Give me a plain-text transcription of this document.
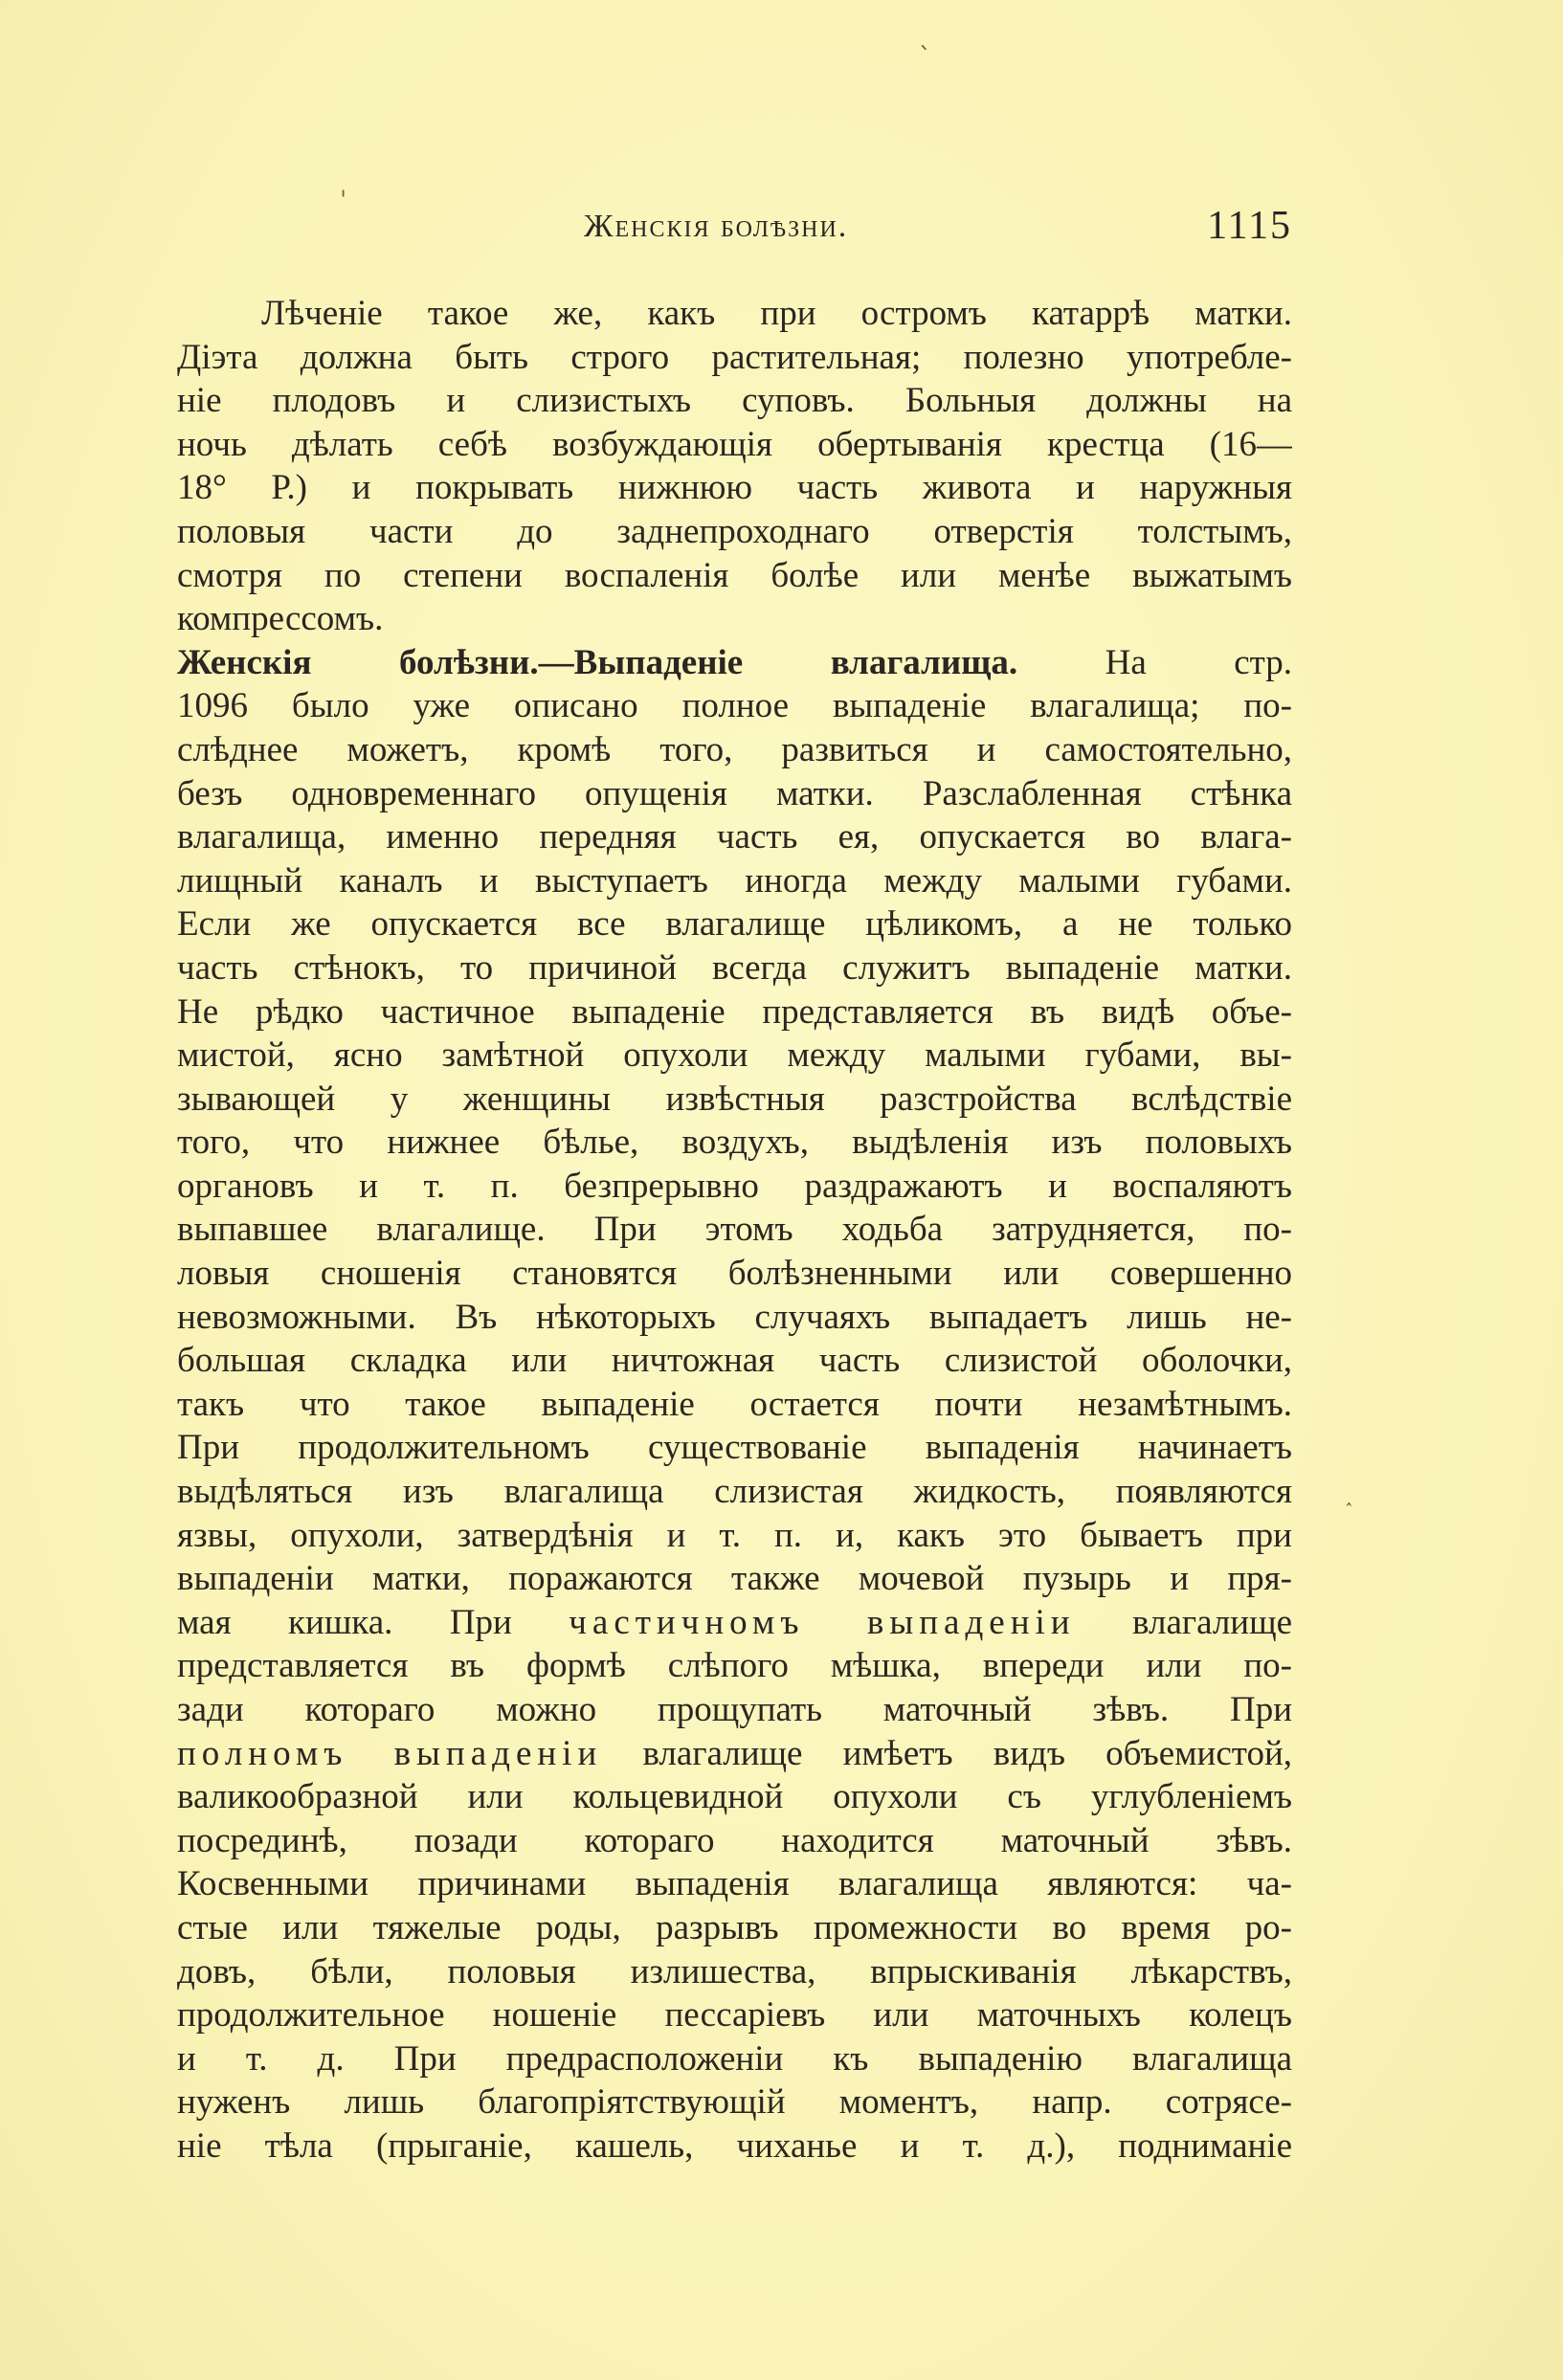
Женскія болѣзни.	1115
Лѣченіе такое же, какъ при остромъ катаррѣ матки.
Діэта должна быть строго растительная; полезно употребле-
ніе плодовъ и слизистыхъ суповъ. Больныя должны на
ночь дѣлать себѣ возбуждающія обертыванія крестца (16—
18° Р.) и покрывать нижнюю часть живота и наружныя
половыя части до заднепроходнаго отверстія толстымъ,
смотря по степени воспаленія болѣе или менѣе выжатымъ
компрессомъ.
Женскія болѣзни.—Выпаденіе влагалища. На стр.
1096 было уже описано полное выпаденіе влагалища; по-
слѣднее можетъ, кромѣ того, развиться и самостоятельно,
безъ одновременнаго опущенія матки. Разслабленная стѣнка
влагалища, именно передняя часть ея, опускается во влага-
лищный каналъ и выступаетъ иногда между малыми губами.
Если же опускается все влагалище цѣликомъ, а не только
часть стѣнокъ, то причиной всегда служитъ выпаденіе матки.
Не рѣдко частичное выпаденіе представляется въ видѣ объе-
мистой, ясно замѣтной опухоли между малыми губами, вы-
зывающей у женщины извѣстныя разстройства вслѣдствіе
того, что нижнее бѣлье, воздухъ, выдѣленія изъ половыхъ
органовъ и т. п. безпрерывно раздражаютъ и воспаляютъ
выпавшее влагалище. При этомъ ходьба затрудняется, по-
ловыя сношенія становятся болѣзненными или совершенно
невозможными. Въ нѣкоторыхъ случаяхъ выпадаетъ лишь не-
большая складка или ничтожная часть слизистой оболочки,
такъ что такое выпаденіе остается почти незамѣтнымъ.
При продолжительномъ существованіе выпаденія начинаетъ
выдѣляться изъ влагалища слизистая жидкость, появляются
язвы, опухоли, затвердѣнія и т. п. и, какъ это бываетъ при
выпаденіи матки, поражаются также мочевой пузырь и пря-
мая кишка. При частичномъ выпаденіи влагалище
представляется въ формѣ слѣпого мѣшка, впереди или по-
зади котораго можно прощупать маточный зѣвъ. При
полномъ выпаденіи влагалище имѣетъ видъ объемистой,
валикообразной или кольцевидной опухоли съ углубленіемъ
посрединѣ, позади котораго находится маточный зѣвъ.
Косвенными причинами выпаденія влагалища являются: ча-
стые или тяжелые роды, разрывъ промежности во время ро-
довъ, бѣли, половыя излишества, впрыскиванія лѣкарствъ,
продолжительное ношеніе пессаріевъ или маточныхъ колецъ
и т. д. При предрасположеніи къ выпаденію влагалища
нуженъ лишь благопріятствующій моментъ, напр. сотрясе-
ніе тѣла (прыганіе, кашель, чиханье и т. д.), подниманіе
ˈ
ˋ
˰
